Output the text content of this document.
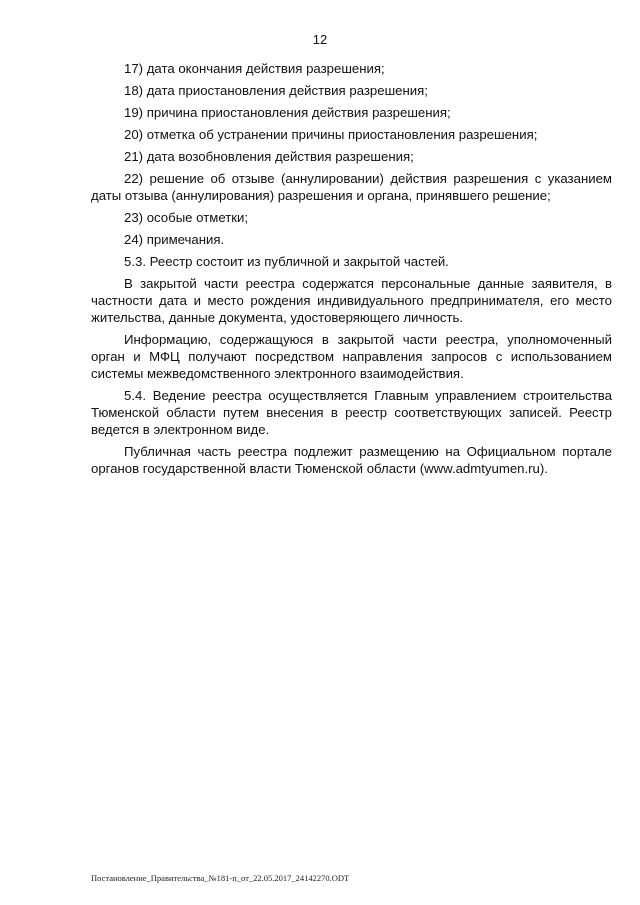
12

17) дата окончания действия разрешения;

18) дата приостановления действия разрешения;

19) причина приостановления действия разрешения;

20) отметка об устранении причины приостановления разрешения;

21) дата возобновления действия разрешения;

22) решение об отзыве (аннулировании) действия разрешения с указанием даты отзыва (аннулирования) разрешения и органа, принявшего решение;

23) особые отметки;

24) примечания.

5.3. Реестр состоит из публичной и закрытой частей.

В закрытой части реестра содержатся персональные данные заявителя, в частности дата и место рождения индивидуального предпринимателя, его место жительства, данные документа, удостоверяющего личность.

Информацию, содержащуюся в закрытой части реестра, уполномоченный орган и МФЦ получают посредством направления запросов с использованием системы межведомственного электронного взаимодействия.

5.4. Ведение реестра осуществляется Главным управлением строительства Тюменской области путем внесения в реестр соответствующих записей. Реестр ведется в электронном виде.

Публичная часть реестра подлежит размещению на Официальном портале органов государственной власти Тюменской области (www.admtyumen.ru).

Постановление_Правительства_№181-п_от_22.05.2017_24142270.ODT
